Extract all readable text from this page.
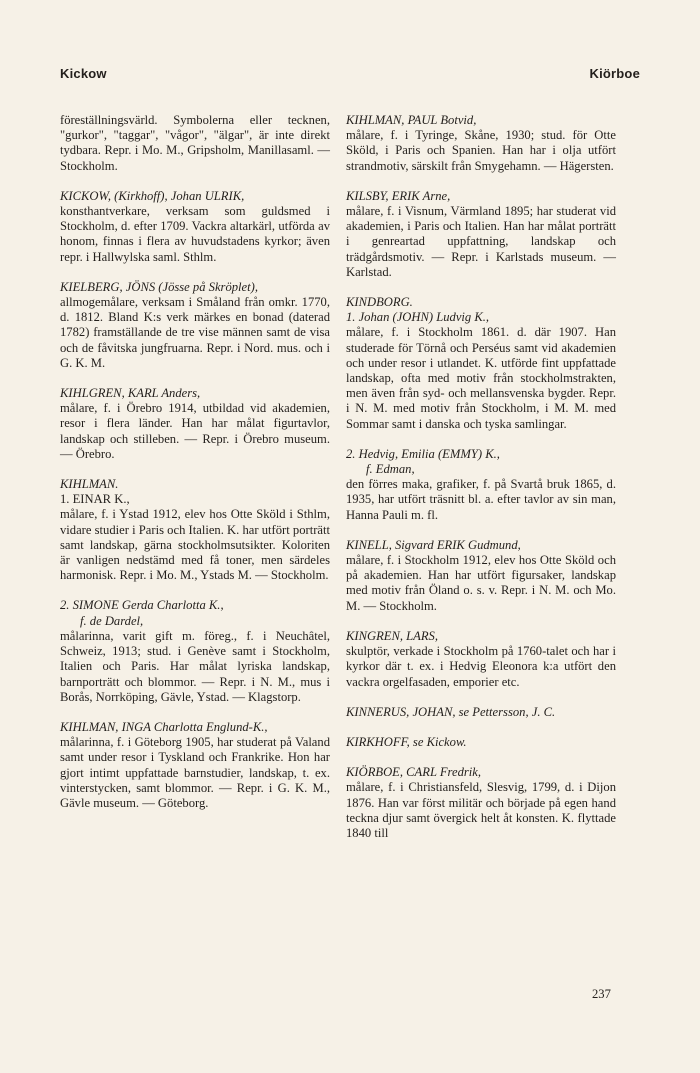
Kickow	Kiörboe
föreställningsvärld. Symbolerna eller tecknen, "gurkor", "taggar", "vågor", "älgar", är inte direkt tydbara. Repr. i Mo. M., Gripsholm, Manillasaml. — Stockholm.
KICKOW, (Kirkhoff), Johan ULRIK,
konsthantverkare, verksam som guldsmed i Stockholm, d. efter 1709. Vackra altarkärl, utförda av honom, finnas i flera av huvudstadens kyrkor; även repr. i Hallwylska saml. Sthlm.
KIELBERG, JÖNS (Jösse på Skröplet),
allmogemålare, verksam i Småland från omkr. 1770, d. 1812. Bland K:s verk märkes en bonad (daterad 1782) framställande de tre vise männen samt de visa och de fåvitska jungfruarna. Repr. i Nord. mus. och i G. K. M.
KIHLGREN, KARL Anders,
målare, f. i Örebro 1914, utbildad vid akademien, resor i flera länder. Han har målat figurtavlor, landskap och stilleben. — Repr. i Örebro museum. — Örebro.
KIHLMAN.
1. EINAR K.,
målare, f. i Ystad 1912, elev hos Otte Sköld i Sthlm, vidare studier i Paris och Italien. K. har utfört porträtt samt landskap, gärna stockholmsutsikter. Koloriten är vanligen nedstämd med få toner, men särdeles harmonisk. Repr. i Mo. M., Ystads M. — Stockholm.
2. SIMONE Gerda Charlotta K.,
f. de Dardel,
målarinna, varit gift m. föreg., f. i Neuchâtel, Schweiz, 1913; stud. i Genève samt i Stockholm, Italien och Paris. Har målat lyriska landskap, barnporträtt och blommor. — Repr. i N. M., mus i Borås, Norrköping, Gävle, Ystad. — Klagstorp.
KIHLMAN, INGA Charlotta Englund-K.,
målarinna, f. i Göteborg 1905, har studerat på Valand samt under resor i Tyskland och Frankrike. Hon har gjort intimt uppfattade barnstudier, landskap, t. ex. vinterstycken, samt blommor. — Repr. i G. K. M., Gävle museum. — Göteborg.
KIHLMAN, PAUL Botvid,
målare, f. i Tyringe, Skåne, 1930; stud. för Otte Sköld, i Paris och Spanien. Han har i olja utfört strandmotiv, särskilt från Smygehamn. — Hägersten.
KILSBY, ERIK Arne,
målare, f. i Visnum, Värmland 1895; har studerat vid akademien, i Paris och Italien. Han har målat porträtt i genreartad uppfattning, landskap och trädgårdsmotiv. — Repr. i Karlstads museum. — Karlstad.
KINDBORG.
1. Johan (JOHN) Ludvig K.,
målare, f. i Stockholm 1861. d. där 1907. Han studerade för Törnå och Perséus samt vid akademien och under resor i utlandet. K. utförde fint uppfattade landskap, ofta med motiv från stockholmstrakten, men även från syd- och mellansvenska bygder. Repr. i N. M. med motiv från Stockholm, i M. M. med Sommar samt i danska och tyska samlingar.
2. Hedvig, Emilia (EMMY) K.,
f. Edman,
den förres maka, grafiker, f. på Svartå bruk 1865, d. 1935, har utfört träsnitt bl. a. efter tavlor av sin man, Hanna Pauli m. fl.
KINELL, Sigvard ERIK Gudmund,
målare, f. i Stockholm 1912, elev hos Otte Sköld och på akademien. Han har utfört figursaker, landskap med motiv från Öland o. s. v. Repr. i N. M. och Mo. M. — Stockholm.
KINGREN, LARS,
skulptör, verkade i Stockholm på 1760-talet och har i kyrkor där t. ex. i Hedvig Eleonora k:a utfört den vackra orgelfasaden, emporier etc.
KINNERUS, JOHAN, se Pettersson, J. C.
KIRKHOFF, se Kickow.
KIÖRBOE, CARL Fredrik,
målare, f. i Christiansfeld, Slesvig, 1799, d. i Dijon 1876. Han var först militär och började på egen hand teckna djur samt övergick helt åt konsten. K. flyttade 1840 till
237
